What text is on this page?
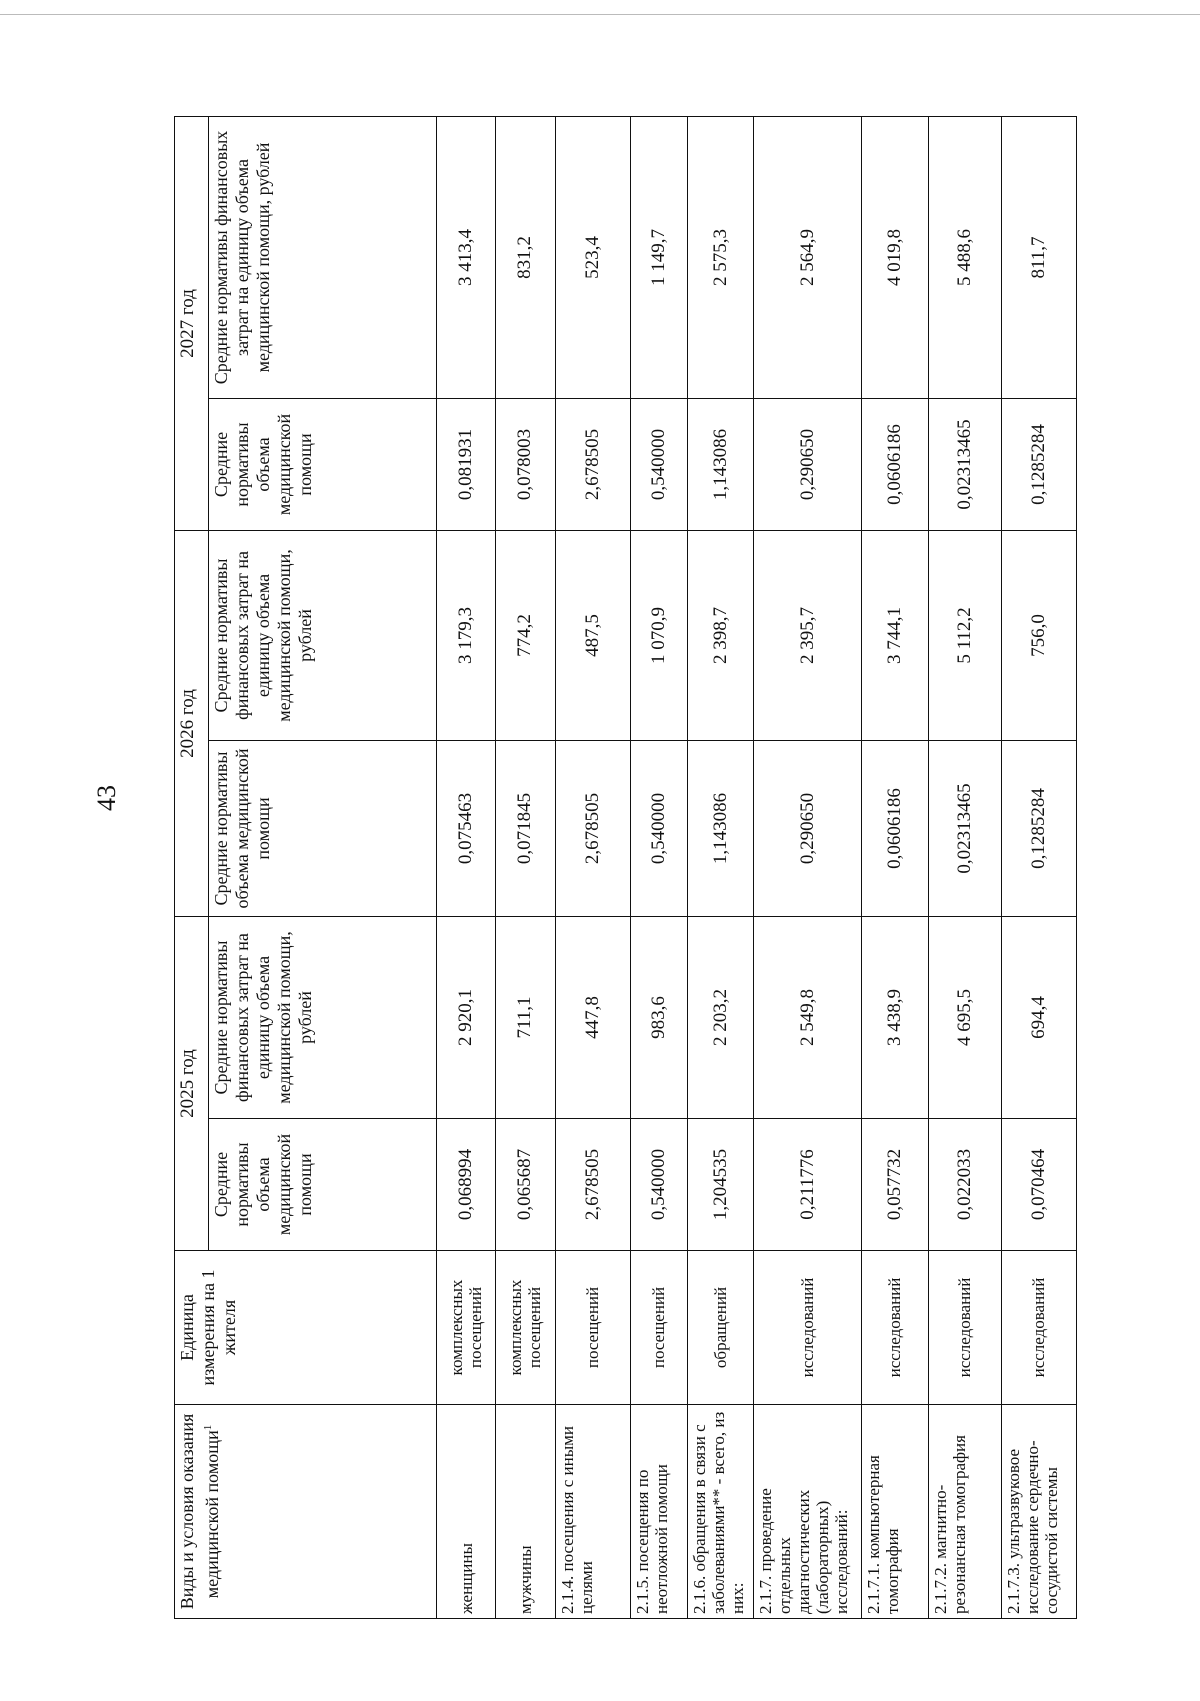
43
Виды и условия оказания медицинской помощи$^1$	Единица измерения на 1 жителя	2025 год		2026 год		2027 год	
		Средние нормативы объема медицинской помощи	Средние нормативы финансовых затрат на единицу объема медицинской помощи, рублей	Средние нормативы объема медицинской помощи	Средние нормативы финансовых затрат на единицу объема медицинской помощи, рублей	Средние нормативы объема медицинской помощи	Средние нормативы финансовых затрат на единицу объема медицинской помощи, рублей
женщины	комплексных посещений	0,068994	2 920,1	0,075463	3 179,3	0,081931	3 413,4
мужчины	комплексных посещений	0,065687	711,1	0,071845	774,2	0,078003	831,2
2.1.4. посещения с иными целями	посещений	2,678505	447,8	2,678505	487,5	2,678505	523,4
2.1.5. посещения по неотложной помощи	посещений	0,540000	983,6	0,540000	1 070,9	0,540000	1 149,7
2.1.6. обращения в связи с заболеваниями** - всего, из них:	обращений	1,204535	2 203,2	1,143086	2 398,7	1,143086	2 575,3
2.1.7. проведение отдельных диагностических (лабораторных) исследований:	исследований	0,211776	2 549,8	0,290650	2 395,7	0,290650	2 564,9
2.1.7.1. компьютерная томография	исследований	0,057732	3 438,9	0,0606186	3 744,1	0,0606186	4 019,8
2.1.7.2. магнитно-резонансная томография	исследований	0,022033	4 695,5	0,02313465	5 112,2	0,02313465	5 488,6
2.1.7.3. ультразвуковое исследование сердечно-сосудистой системы	исследований	0,070464	694,4	0,1285284	756,0	0,1285284	811,7
